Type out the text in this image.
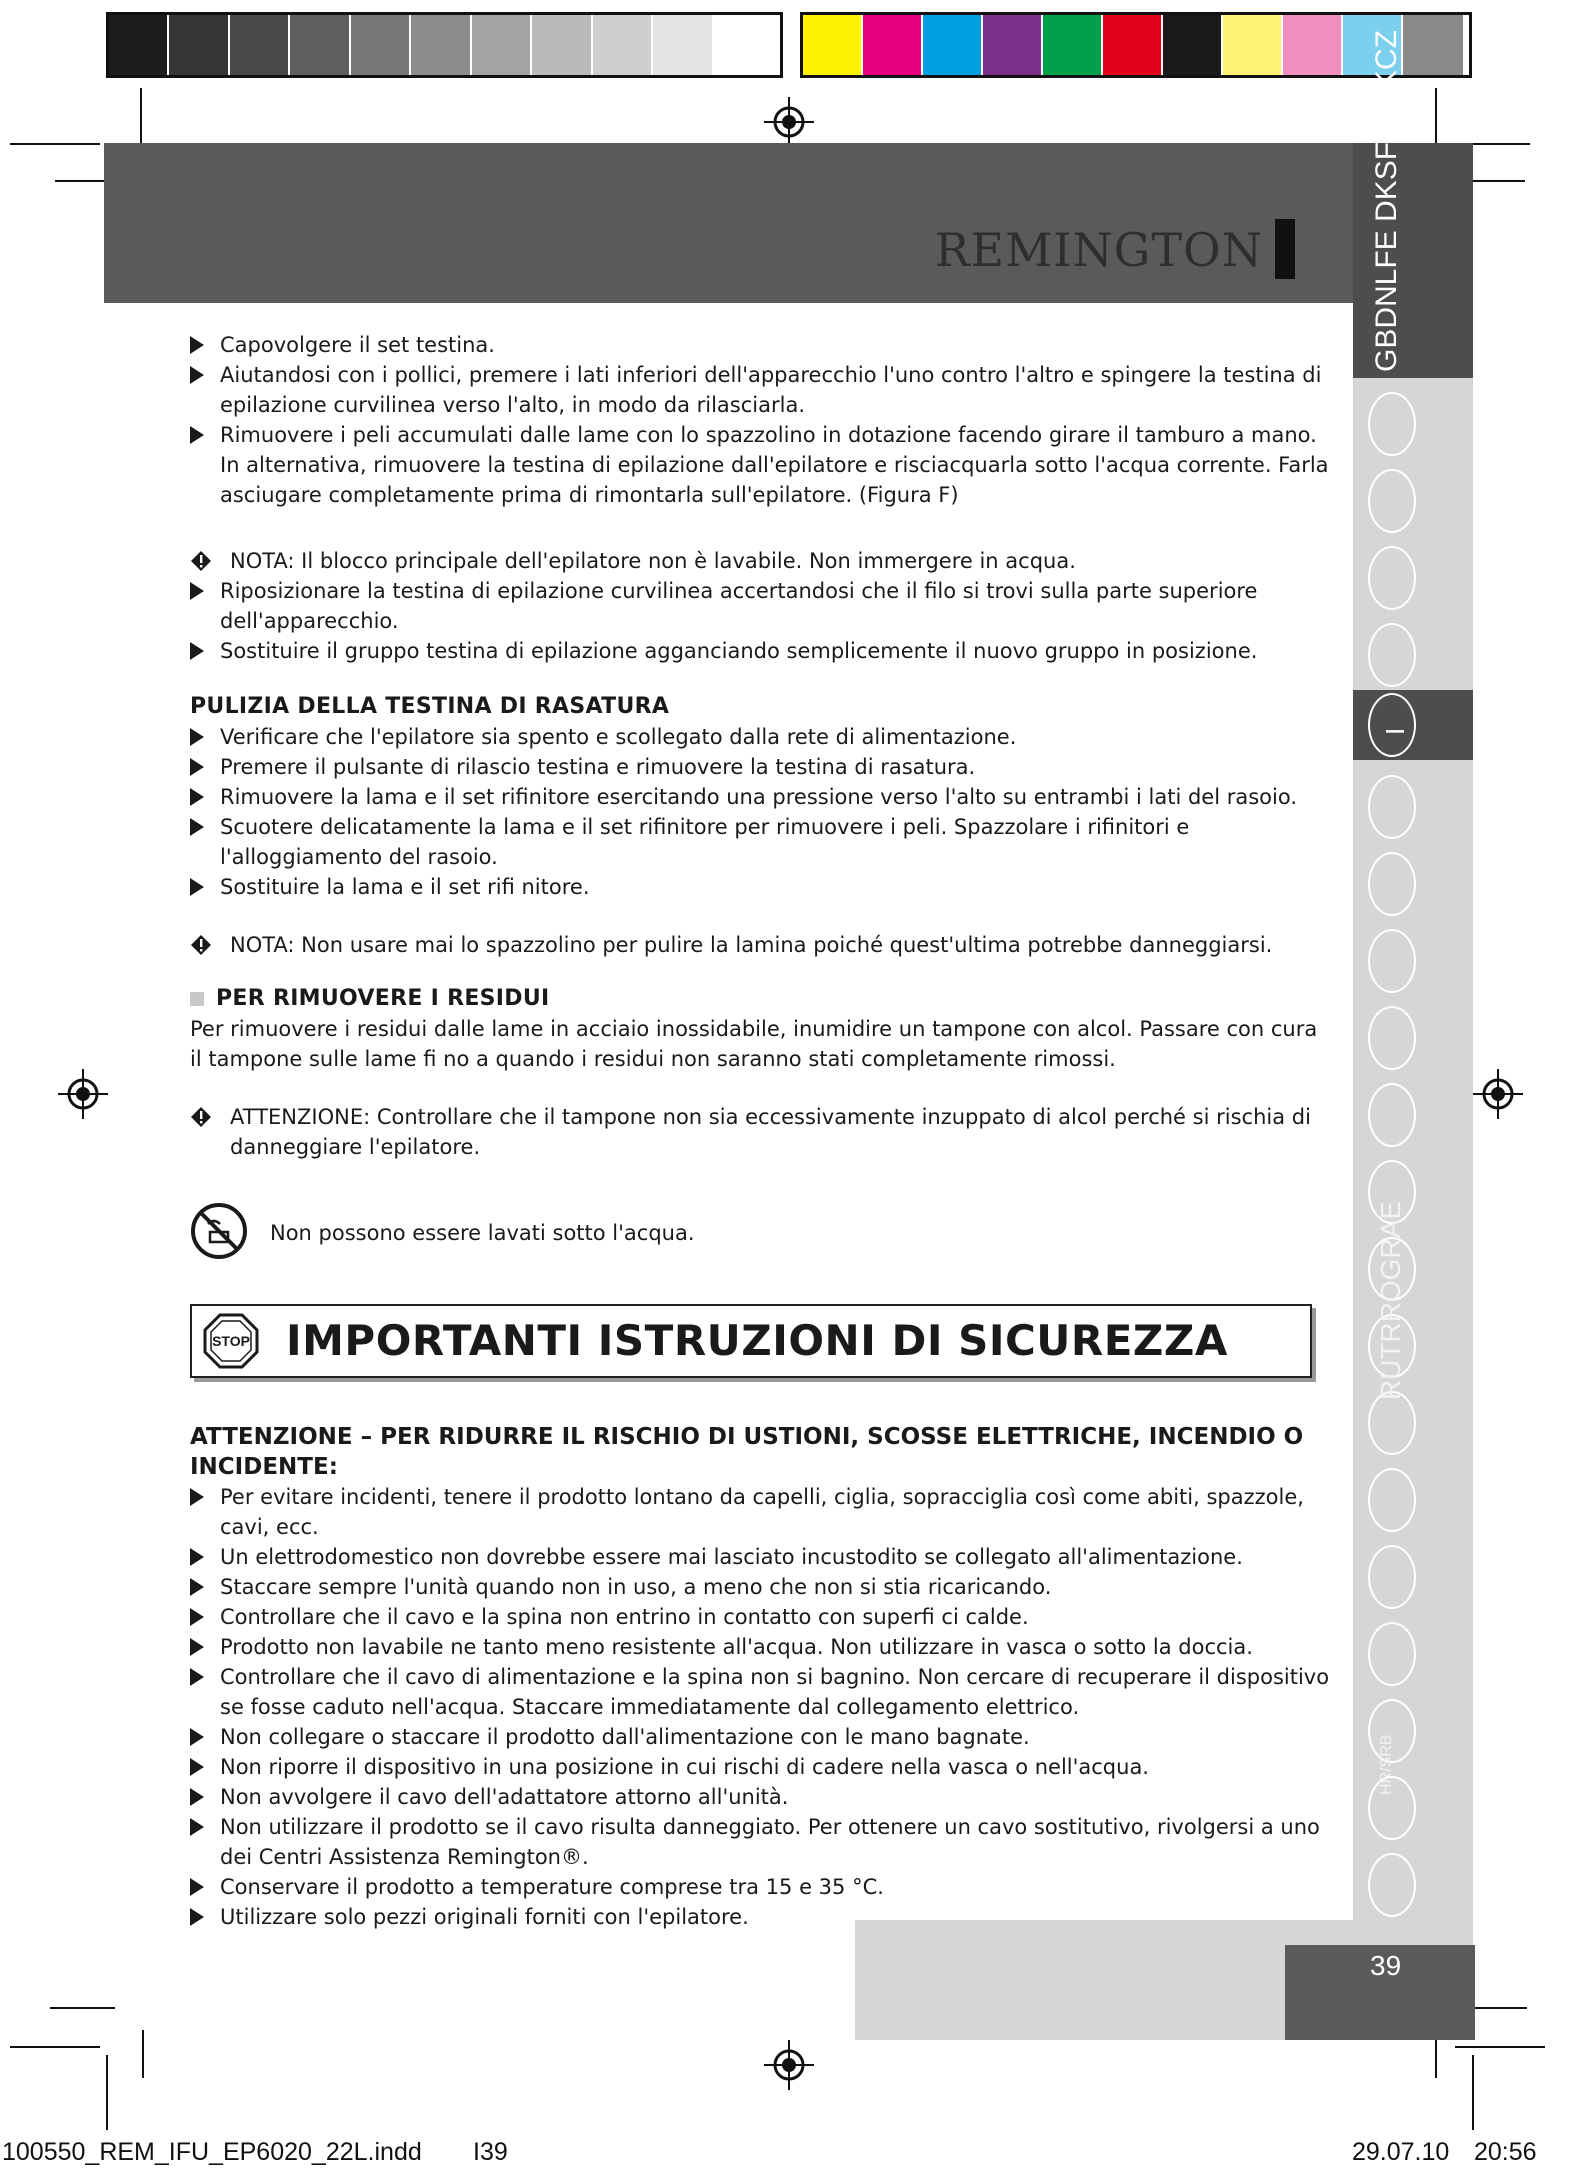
REMINGTON	GBDNLFE DKSF
KCZ
I
RUTRROGRAE
HR/SRB
Capovolgere il set testina.
Aiutandosi con i pollici, premere i lati inferiori dell'apparecchio l'uno contro l'altro e spingere la testina di epilazione curvilinea verso l'alto, in modo da rilasciarla.
Rimuovere i peli accumulati dalle lame con lo spazzolino in dotazione facendo girare il tamburo a mano. In alternativa, rimuovere la testina di epilazione dall'epilatore e risciacquarla sotto l'acqua corrente. Farla asciugare completamente prima di rimontarla sull'epilatore. (Figura F)

NOTA: Il blocco principale dell'epilatore non è lavabile. Non immergere in acqua.

Riposizionare la testina di epilazione curvilinea accertandosi che il filo si trovi sulla parte superiore dell'apparecchio.
Sostituire il gruppo testina di epilazione agganciando semplicemente il nuovo gruppo in posizione.
PULIZIA DELLA TESTINA DI RASATURA
Verificare che l'epilatore sia spento e scollegato dalla rete di alimentazione.
Premere il pulsante di rilascio testina e rimuovere la testina di rasatura.
Rimuovere la lama e il set rifinitore esercitando una pressione verso l'alto su entrambi i lati del rasoio.
Scuotere delicatamente la lama e il set rifinitore per rimuovere i peli. Spazzolare i rifinitori e l'alloggiamento del rasoio.
Sostituire la lama e il set rifi nitore.

NOTA: Non usare mai lo spazzolino per pulire la lamina poiché quest'ultima potrebbe danneggiarsi.

PER RIMUOVERE I RESIDUI

Per rimuovere i residui dalle lame in acciaio inossidabile, inumidire un tampone con alcol. Passare con cura il tampone sulle lame fi no a quando i residui non saranno stati completamente rimossi.

ATTENZIONE: Controllare che il tampone non sia eccessivamente inzuppato di alcol perché si rischia di danneggiare l'epilatore.

Non possono essere lavati sotto l'acqua.
STOP IMPORTANTI ISTRUZIONI DI SICUREZZA
ATTENZIONE – PER RIDURRE IL RISCHIO DI USTIONI, SCOSSE ELETTRICHE, INCENDIO O INCIDENTE:
Per evitare incidenti, tenere il prodotto lontano da capelli, ciglia, sopracciglia così come abiti, spazzole, cavi, ecc.
Un elettrodomestico non dovrebbe essere mai lasciato incustodito se collegato all'alimentazione.
Staccare sempre l'unità quando non in uso, a meno che non si stia ricaricando.
Controllare che il cavo e la spina non entrino in contatto con superfi ci calde.
Prodotto non lavabile ne tanto meno resistente all'acqua. Non utilizzare in vasca o sotto la doccia.
Controllare che il cavo di alimentazione e la spina non si bagnino. Non cercare di recuperare il dispositivo se fosse caduto nell'acqua. Staccare immediatamente dal collegamento elettrico.
Non collegare o staccare il prodotto dall'alimentazione con le mano bagnate.
Non riporre il dispositivo in una posizione in cui rischi di cadere nella vasca o nell'acqua.
Non avvolgere il cavo dell'adattatore attorno all'unità.
Non utilizzare il prodotto se il cavo risulta danneggiato. Per ottenere un cavo sostitutivo, rivolgersi a uno dei Centri Assistenza Remington®.
Conservare il prodotto a temperature comprese tra 15 e 35 °C.
Utilizzare solo pezzi originali forniti con l'epilatore.
39
100550_REM_IFU_EP6020_22L.indd I39	29.07.10 20:56
